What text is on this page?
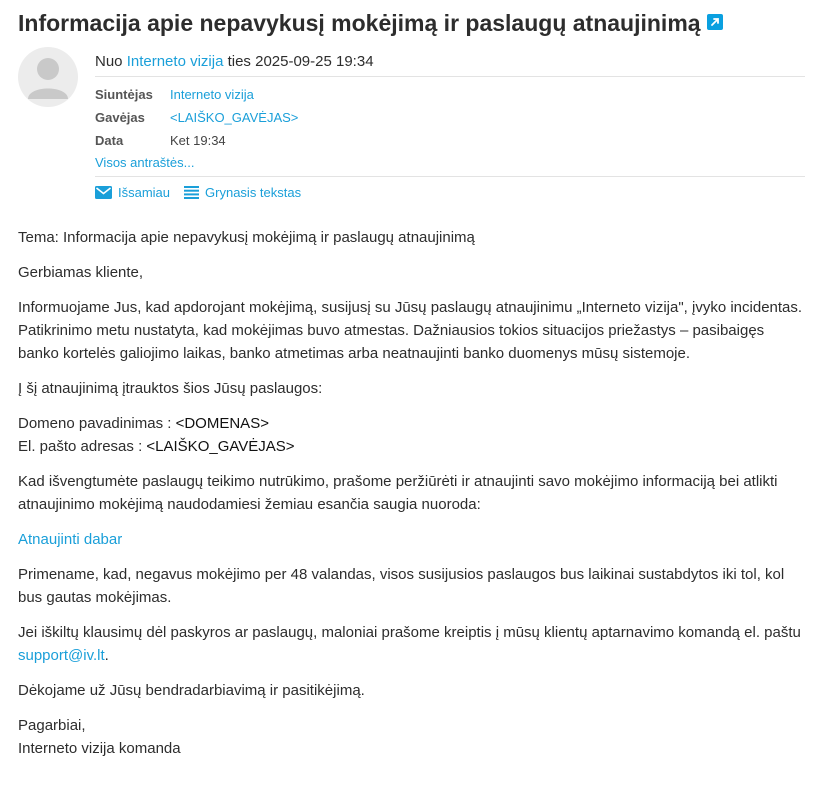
Informacija apie nepavykusį mokėjimą ir paslaugų atnaujinimą
Nuo Interneto vizija ties 2025-09-25 19:34
Siuntėjas	Interneto vizija
Gavėjas	<LAIŠKO_GAVĖJAS>
Data	Ket 19:34
Visos antraštės...
Išsamiau	Grynasis tekstas

Tema: Informacija apie nepavykusį mokėjimą ir paslaugų atnaujinimą

Gerbiamas kliente,

Informuojame Jus, kad apdorojant mokėjimą, susijusį su Jūsų paslaugų atnaujinimu „Interneto vizija", įvyko incidentas. Patikrinimo metu nustatyta, kad mokėjimas buvo atmestas. Dažniausios tokios situacijos priežastys – pasibaigęs banko kortelės galiojimo laikas, banko atmetimas arba neatnaujinti banko duomenys mūsų sistemoje.

Į šį atnaujinimą įtrauktos šios Jūsų paslaugos:

Domeno pavadinimas : <DOMENAS>
El. pašto adresas : <LAIŠKO_GAVĖJAS>

Kad išvengtumėte paslaugų teikimo nutrūkimo, prašome peržiūrėti ir atnaujinti savo mokėjimo informaciją bei atlikti atnaujinimo mokėjimą naudodamiesi žemiau esančia saugia nuoroda:

Atnaujinti dabar

Primename, kad, negavus mokėjimo per 48 valandas, visos susijusios paslaugos bus laikinai sustabdytos iki tol, kol bus gautas mokėjimas.

Jei iškiltų klausimų dėl paskyros ar paslaugų, maloniai prašome kreiptis į mūsų klientų aptarnavimo komandą el. paštu support@iv.lt.

Dėkojame už Jūsų bendradarbiavimą ir pasitikėjimą.

Pagarbiai,
Interneto vizija komanda
